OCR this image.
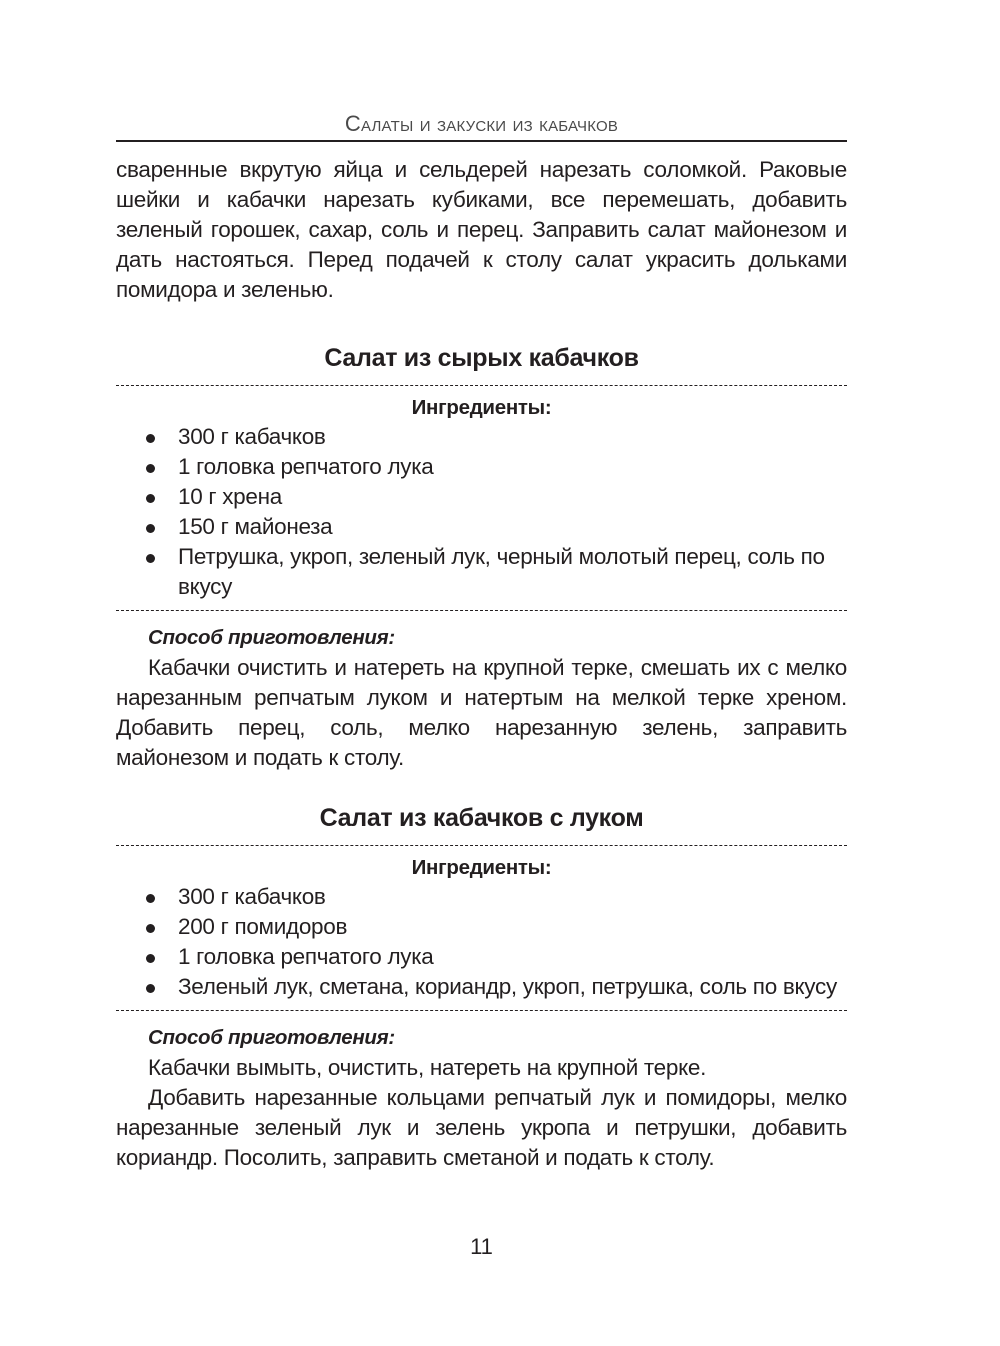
Салаты и закуски из кабачков

сваренные вкрутую яйца и сельдерей нарезать соломкой. Раковые шейки и кабачки нарезать кубиками, все перемешать, добавить зеленый горошек, сахар, соль и перец. Заправить салат майонезом и дать настояться. Перед подачей к столу салат украсить дольками помидора и зеленью.

Салат из сырых кабачков
Ингредиенты:
300 г кабачков
1 головка репчатого лука
10 г хрена
150 г майонеза
Петрушка, укроп, зеленый лук, черный молотый перец, соль по вкусу
Способ приготовления:

Кабачки очистить и натереть на крупной терке, смешать их с мелко нарезанным репчатым луком и натертым на мелкой терке хреном. Добавить перец, соль, мелко нарезанную зелень, заправить майонезом и подать к столу.

Салат из кабачков с луком
Ингредиенты:
300 г кабачков
200 г помидоров
1 головка репчатого лука
Зеленый лук, сметана, кориандр, укроп, петрушка, соль по вкусу
Способ приготовления:

Кабачки вымыть, очистить, натереть на крупной терке.

Добавить нарезанные кольцами репчатый лук и помидоры, мелко нарезанные зеленый лук и зелень укропа и петрушки, добавить кориандр. Посолить, заправить сметаной и подать к столу.

11
